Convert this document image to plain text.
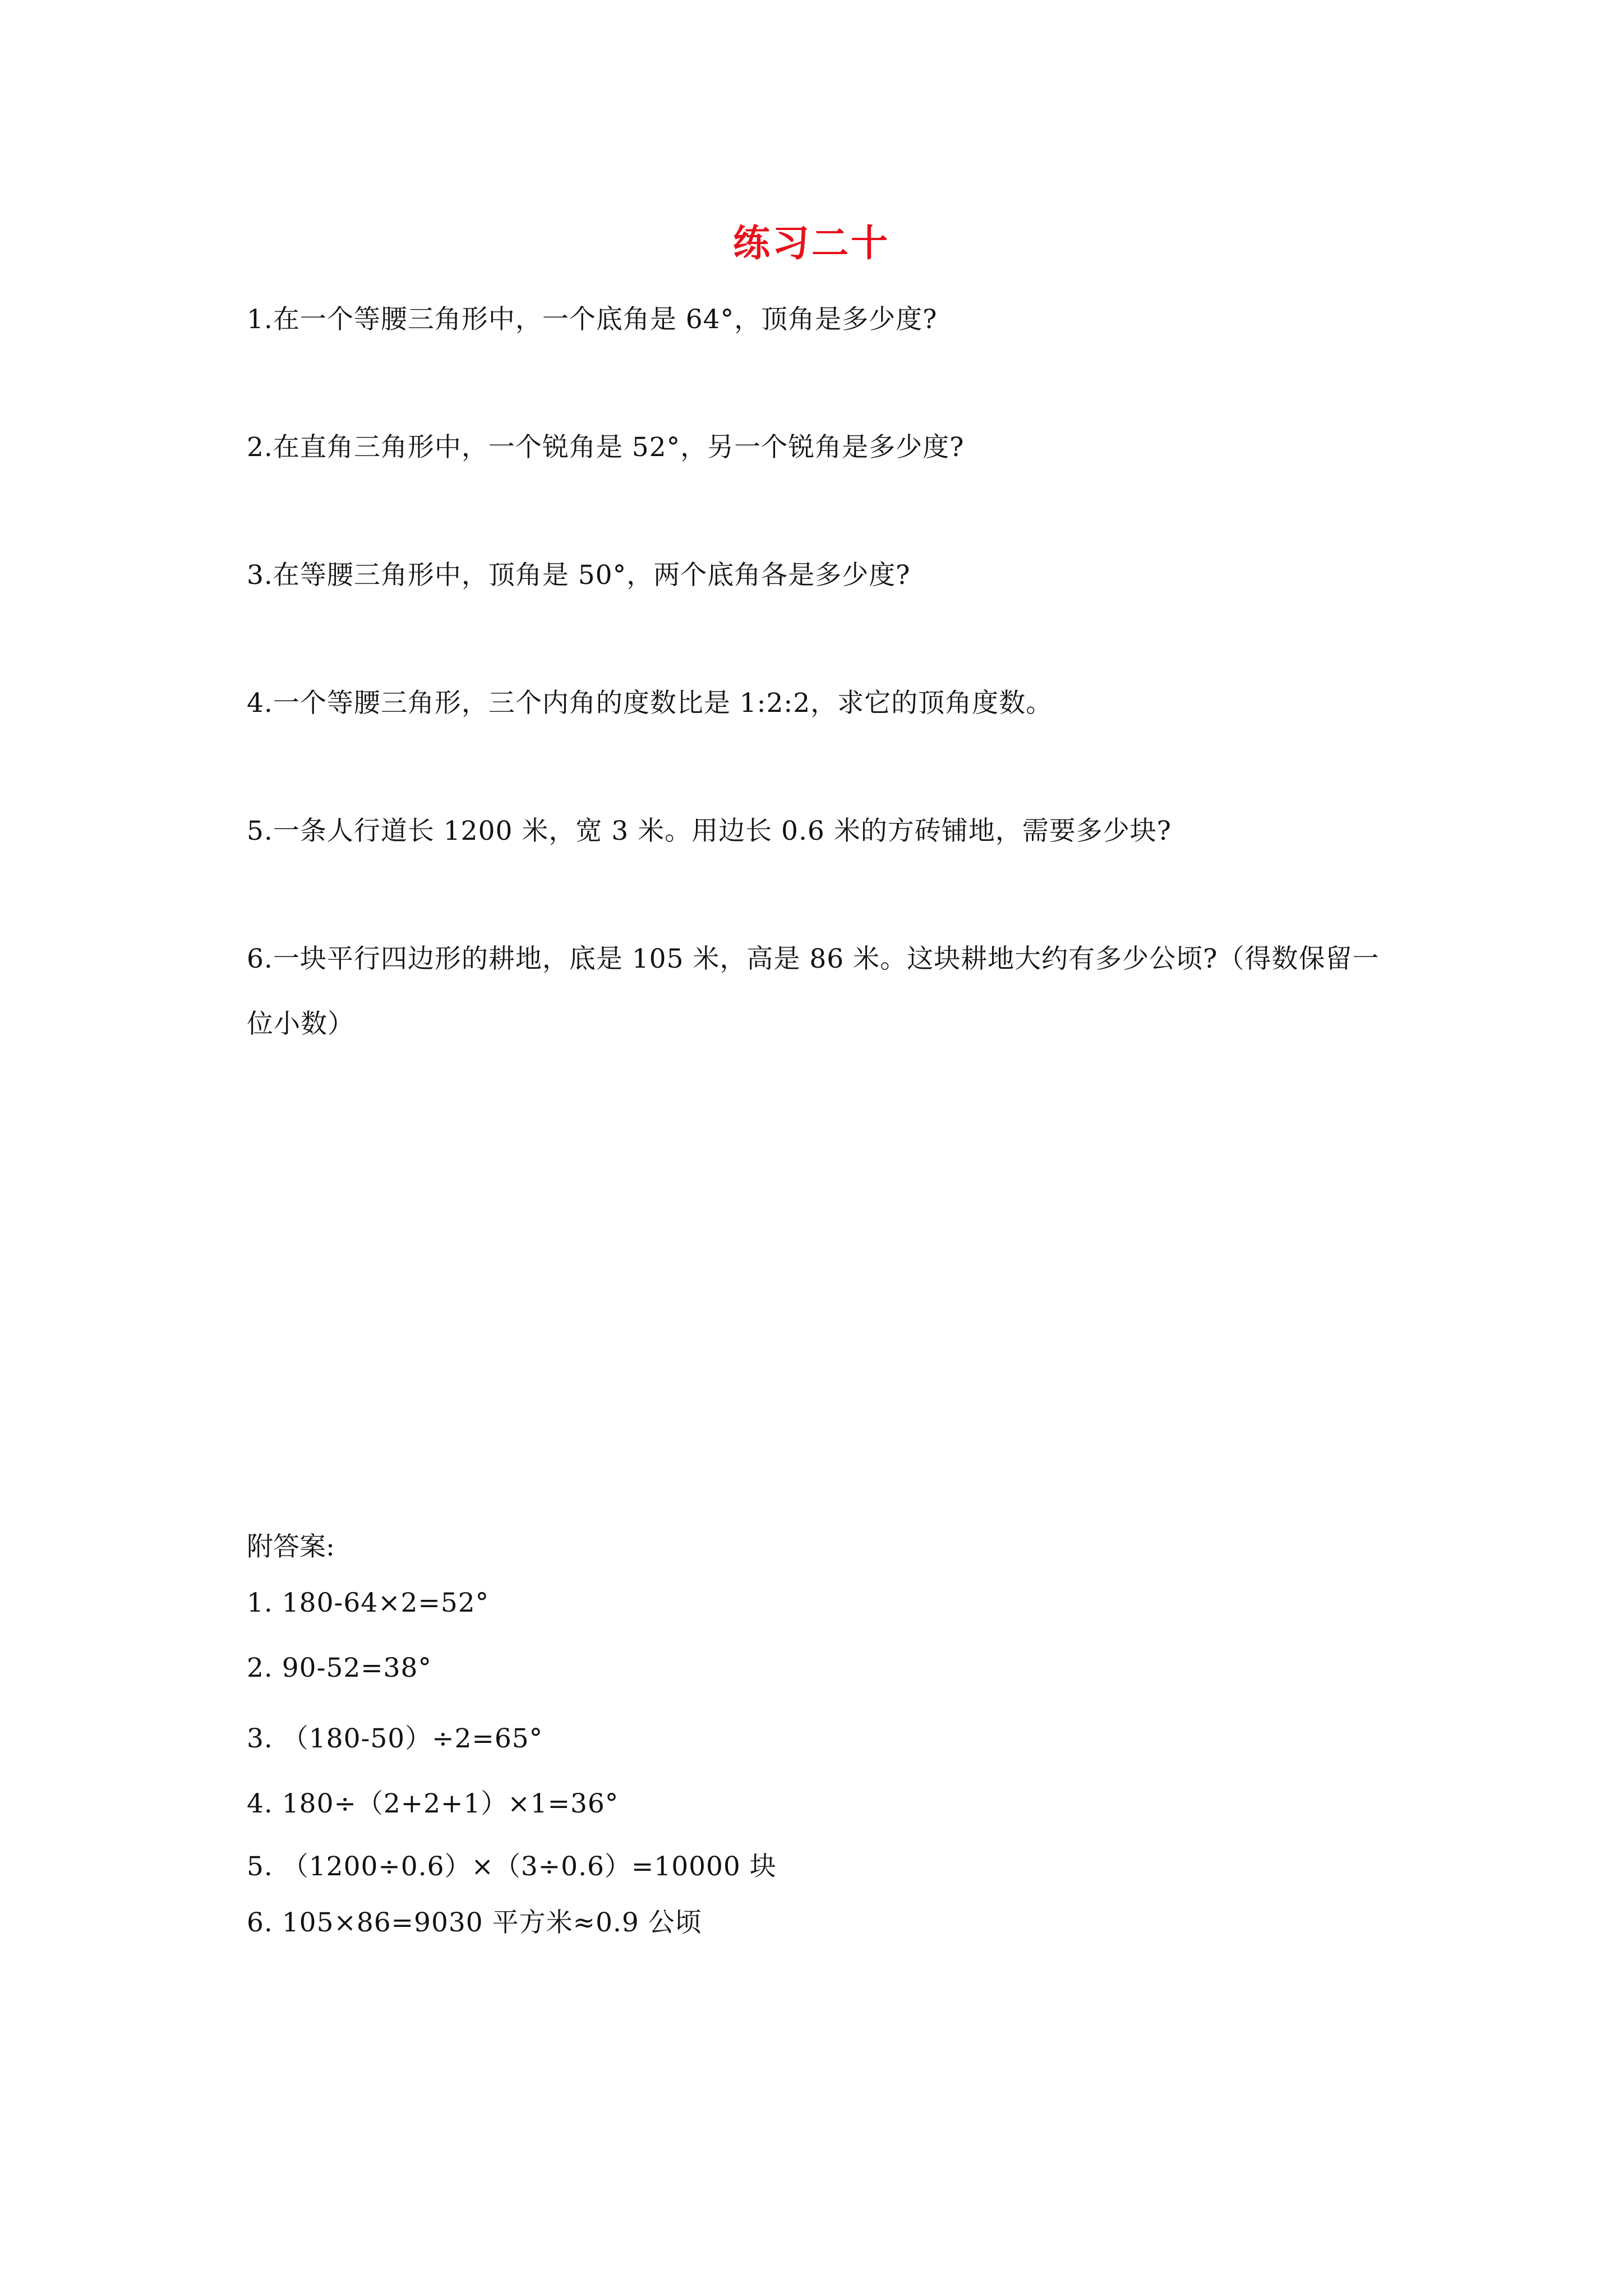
练习二十
1.在一个等腰三角形中，一个底角是 64°，顶角是多少度?
2.在直角三角形中，一个锐角是 52°，另一个锐角是多少度?
3.在等腰三角形中，顶角是 50°，两个底角各是多少度?
4.一个等腰三角形，三个内角的度数比是 1:2:2，求它的顶角度数。
5.一条人行道长 1200 米，宽 3 米。用边长 0.6 米的方砖铺地，需要多少块?
6.一块平行四边形的耕地，底是 105 米，高是 86 米。这块耕地大约有多少公顷?（得数保留一位小数）
附答案:
1. 180-64×2=52°
2. 90-52=38°
3. （180-50）÷2=65°
4. 180÷（2+2+1）×1=36°
5. （1200÷0.6）×（3÷0.6）=10000 块
6. 105×86=9030 平方米≈0.9 公顷
